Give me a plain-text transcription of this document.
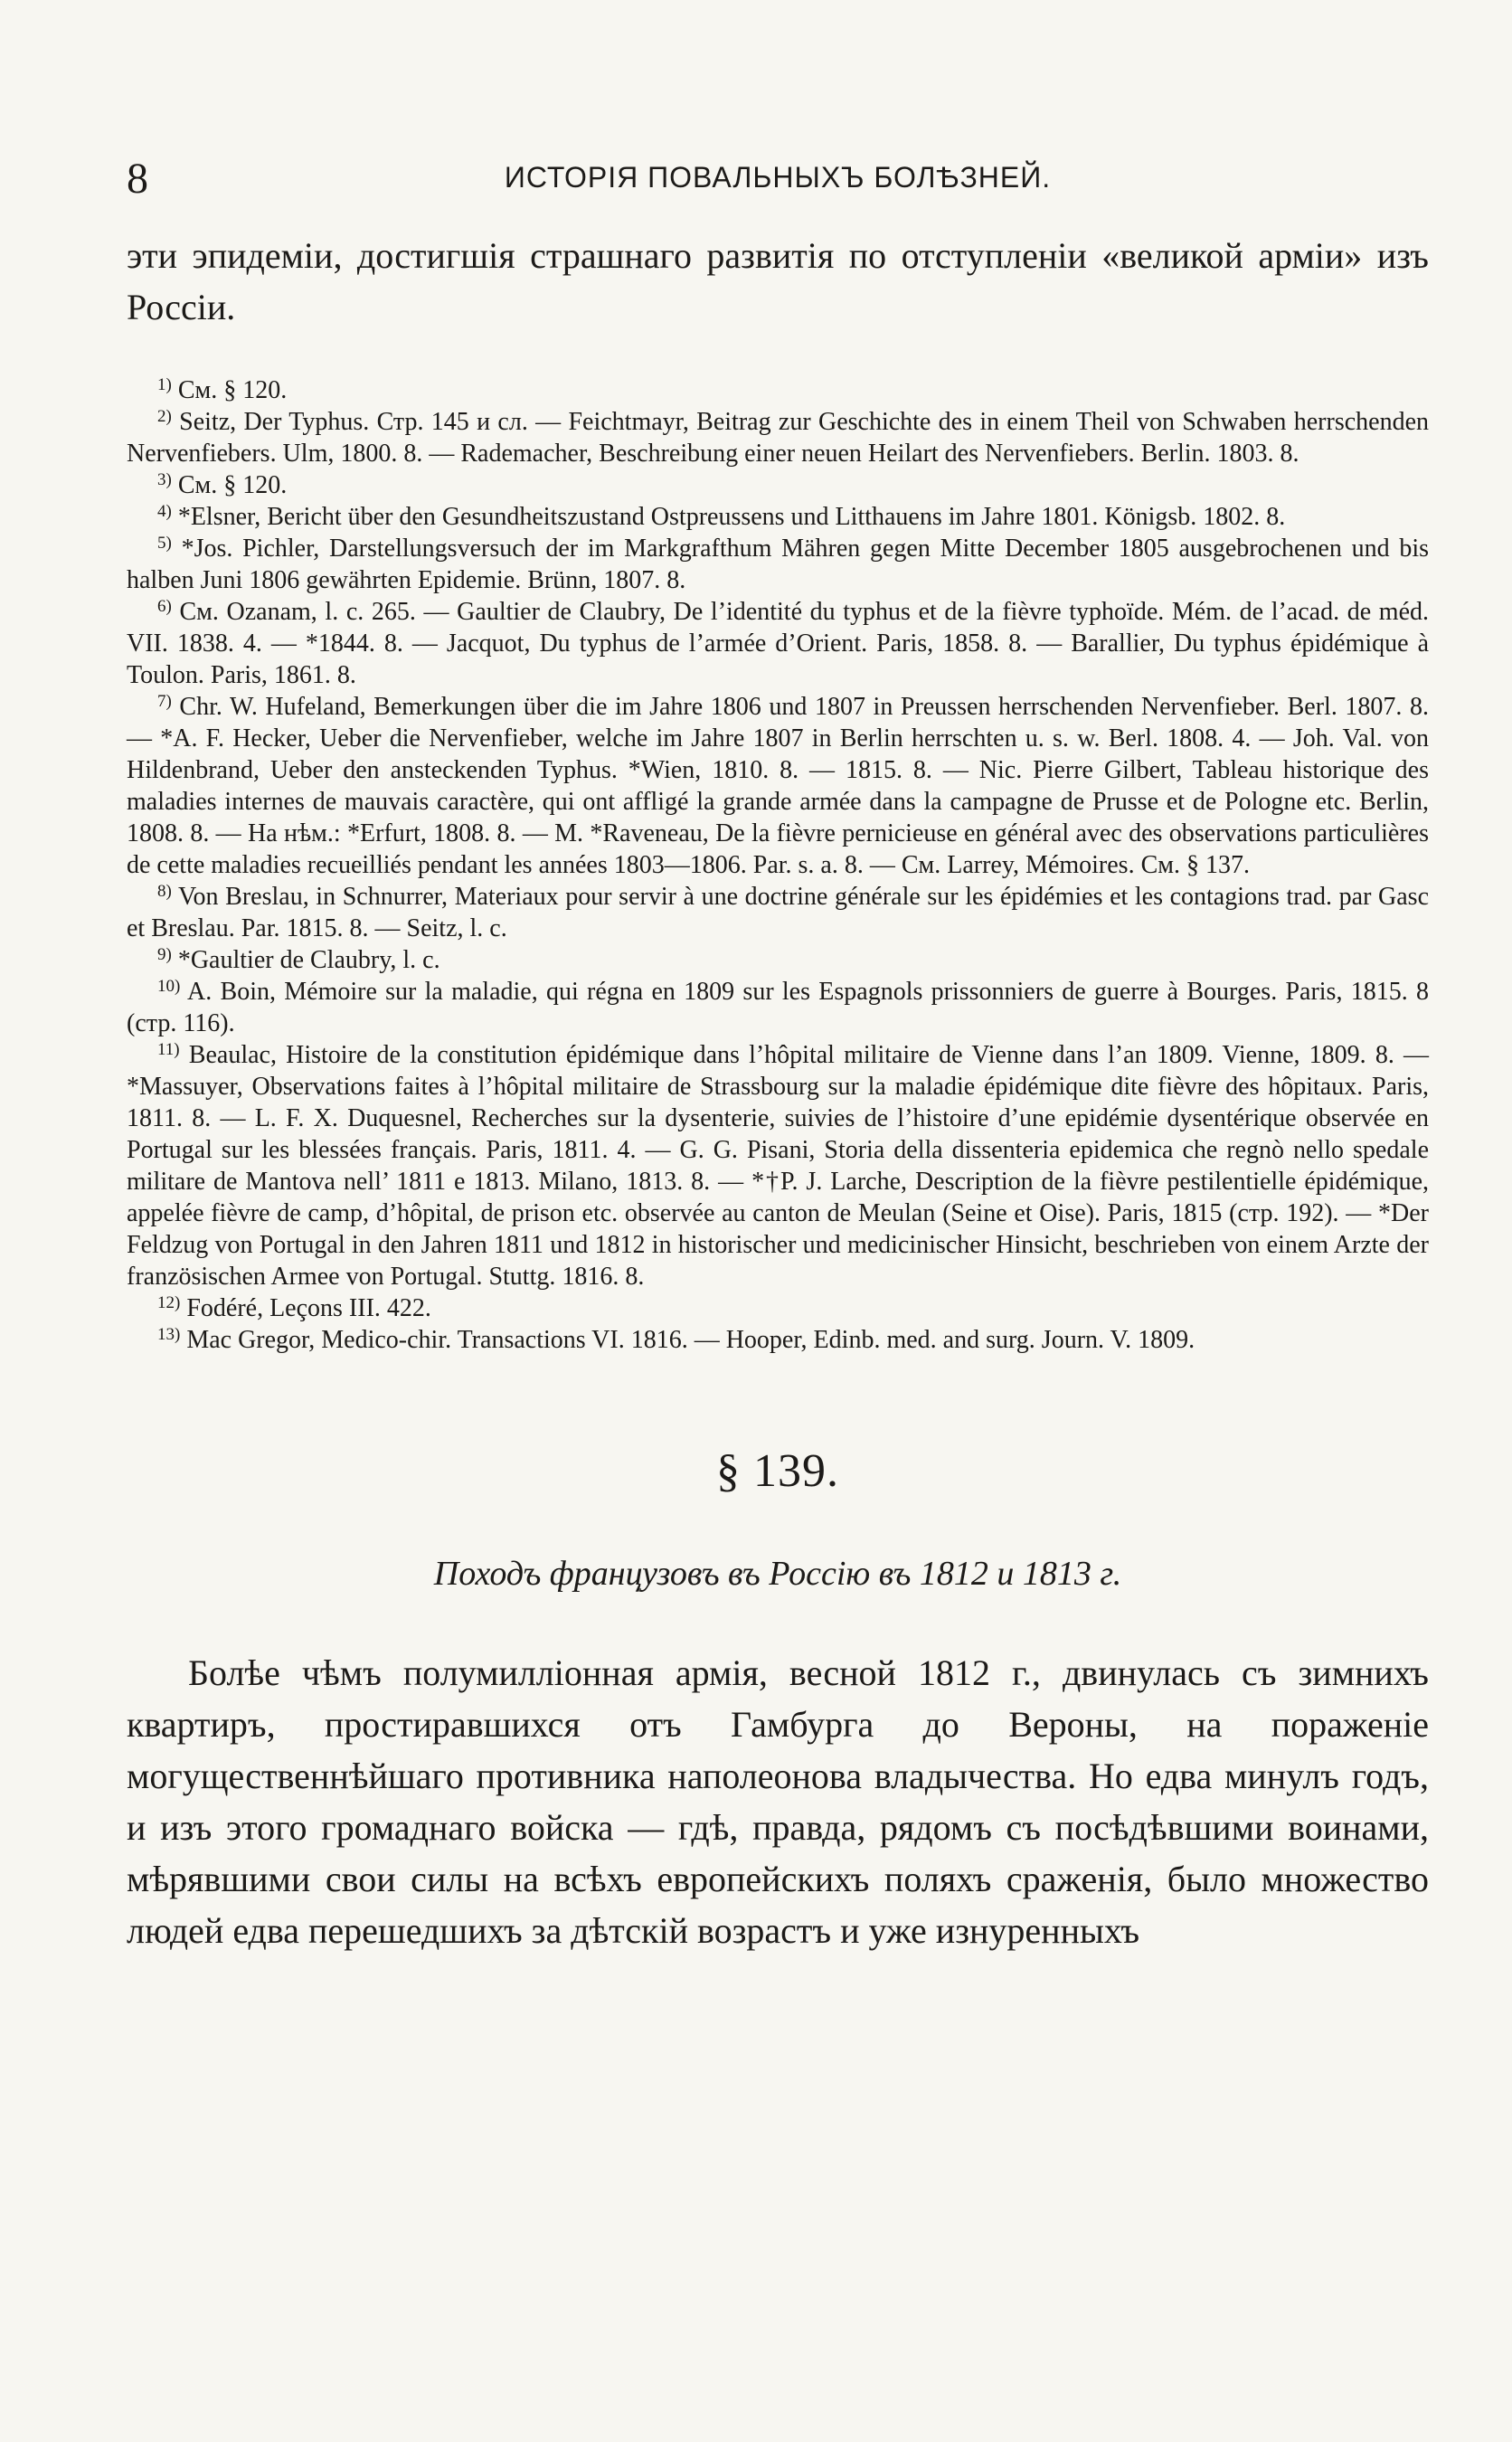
8	ИСТОРІЯ ПОВАЛЬНЫХЪ БОЛѢЗНЕЙ.
эти эпидеміи, достигшія страшнаго развитія по отступленіи «великой арміи» изъ Россіи.

$^{1)}$ См. § 120.

$^{2)}$ Seitz, Der Typhus. Стр. 145 и сл. — Feichtmayr, Beitrag zur Geschichte des in einem Theil von Schwaben herrschenden Nervenfiebers. Ulm, 1800. 8. — Rademacher, Beschreibung einer neuen Heilart des Nervenfiebers. Berlin. 1803. 8.

$^{3)}$ См. § 120.

$^{4)}$ *Elsner, Bericht über den Gesundheitszustand Ostpreussens und Litthauens im Jahre 1801. Königsb. 1802. 8.

$^{5)}$ *Jos. Pichler, Darstellungsversuch der im Markgrafthum Mähren gegen Mitte December 1805 ausgebrochenen und bis halben Juni 1806 gewährten Epidemie. Brünn, 1807. 8.

$^{6)}$ См. Ozanam, l. c. 265. — Gaultier de Claubry, De l’identité du typhus et de la fièvre typhoïde. Mém. de l’acad. de méd. VII. 1838. 4. — *1844. 8. — Jacquot, Du typhus de l’armée d’Orient. Paris, 1858. 8. — Barallier, Du typhus épidémique à Toulon. Paris, 1861. 8.

$^{7)}$ Chr. W. Hufeland, Bemerkungen über die im Jahre 1806 und 1807 in Preussen herrschenden Nervenfieber. Berl. 1807. 8. — *A. F. Hecker, Ueber die Nervenfieber, welche im Jahre 1807 in Berlin herrschten u. s. w. Berl. 1808. 4. — Joh. Val. von Hildenbrand, Ueber den ansteckenden Typhus. *Wien, 1810. 8. — 1815. 8. — Nic. Pierre Gilbert, Tableau historique des maladies internes de mauvais caractère, qui ont affligé la grande armée dans la campagne de Prusse et de Pologne etc. Berlin, 1808. 8. — На нѣм.: *Erfurt, 1808. 8. — M. *Raveneau, De la fièvre pernicieuse en général avec des observations particulières de cette maladies recueilliés pendant les années 1803—1806. Par. s. a. 8. — См. Larrey, Mémoires. См. § 137.

$^{8)}$ Von Breslau, in Schnurrer, Materiaux pour servir à une doctrine générale sur les épidémies et les contagions trad. par Gasc et Breslau. Par. 1815. 8. — Seitz, l. c.

$^{9)}$ *Gaultier de Claubry, l. c.

$^{10)}$ A. Boin, Mémoire sur la maladie, qui régna en 1809 sur les Espagnols prissonniers de guerre à Bourges. Paris, 1815. 8 (стр. 116).

$^{11)}$ Beaulac, Histoire de la constitution épidémique dans l’hôpital militaire de Vienne dans l’an 1809. Vienne, 1809. 8. — *Massuyer, Observations faites à l’hôpital militaire de Strassbourg sur la maladie épidémique dite fièvre des hôpitaux. Paris, 1811. 8. — L. F. X. Duquesnel, Recherches sur la dysenterie, suivies de l’histoire d’une epidémie dysentérique observée en Portugal sur les blessées français. Paris, 1811. 4. — G. G. Pisani, Storia della dissenteria epidemica che regnò nello spedale militare de Mantova nell’ 1811 e 1813. Milano, 1813. 8. — *†P. J. Larche, Description de la fièvre pestilentielle épidémique, appelée fièvre de camp, d’hôpital, de prison etc. observée au canton de Meulan (Seine et Oise). Paris, 1815 (стр. 192). — *Der Feldzug von Portugal in den Jahren 1811 und 1812 in historischer und medicinischer Hinsicht, beschrieben von einem Arzte der französischen Armee von Portugal. Stuttg. 1816. 8.

$^{12)}$ Fodéré, Leçons III. 422.

$^{13)}$ Mac Gregor, Medico-chir. Transactions VI. 1816. — Hooper, Edinb. med. and surg. Journ. V. 1809.

§ 139.
Походъ французовъ въ Россію въ 1812 и 1813 г.
Болѣе чѣмъ полумилліонная армія, весной 1812 г., двинулась съ зимнихъ квартиръ, простиравшихся отъ Гамбурга до Вероны, на пораженіе могущественнѣйшаго противника наполеонова владычества. Но едва минулъ годъ, и изъ этого громаднаго войска — гдѣ, правда, рядомъ съ посѣдѣвшими воинами, мѣрявшими свои силы на всѣхъ европейскихъ поляхъ сраженія, было множество людей едва перешедшихъ за дѣтскій возрастъ и уже изнуренныхъ
